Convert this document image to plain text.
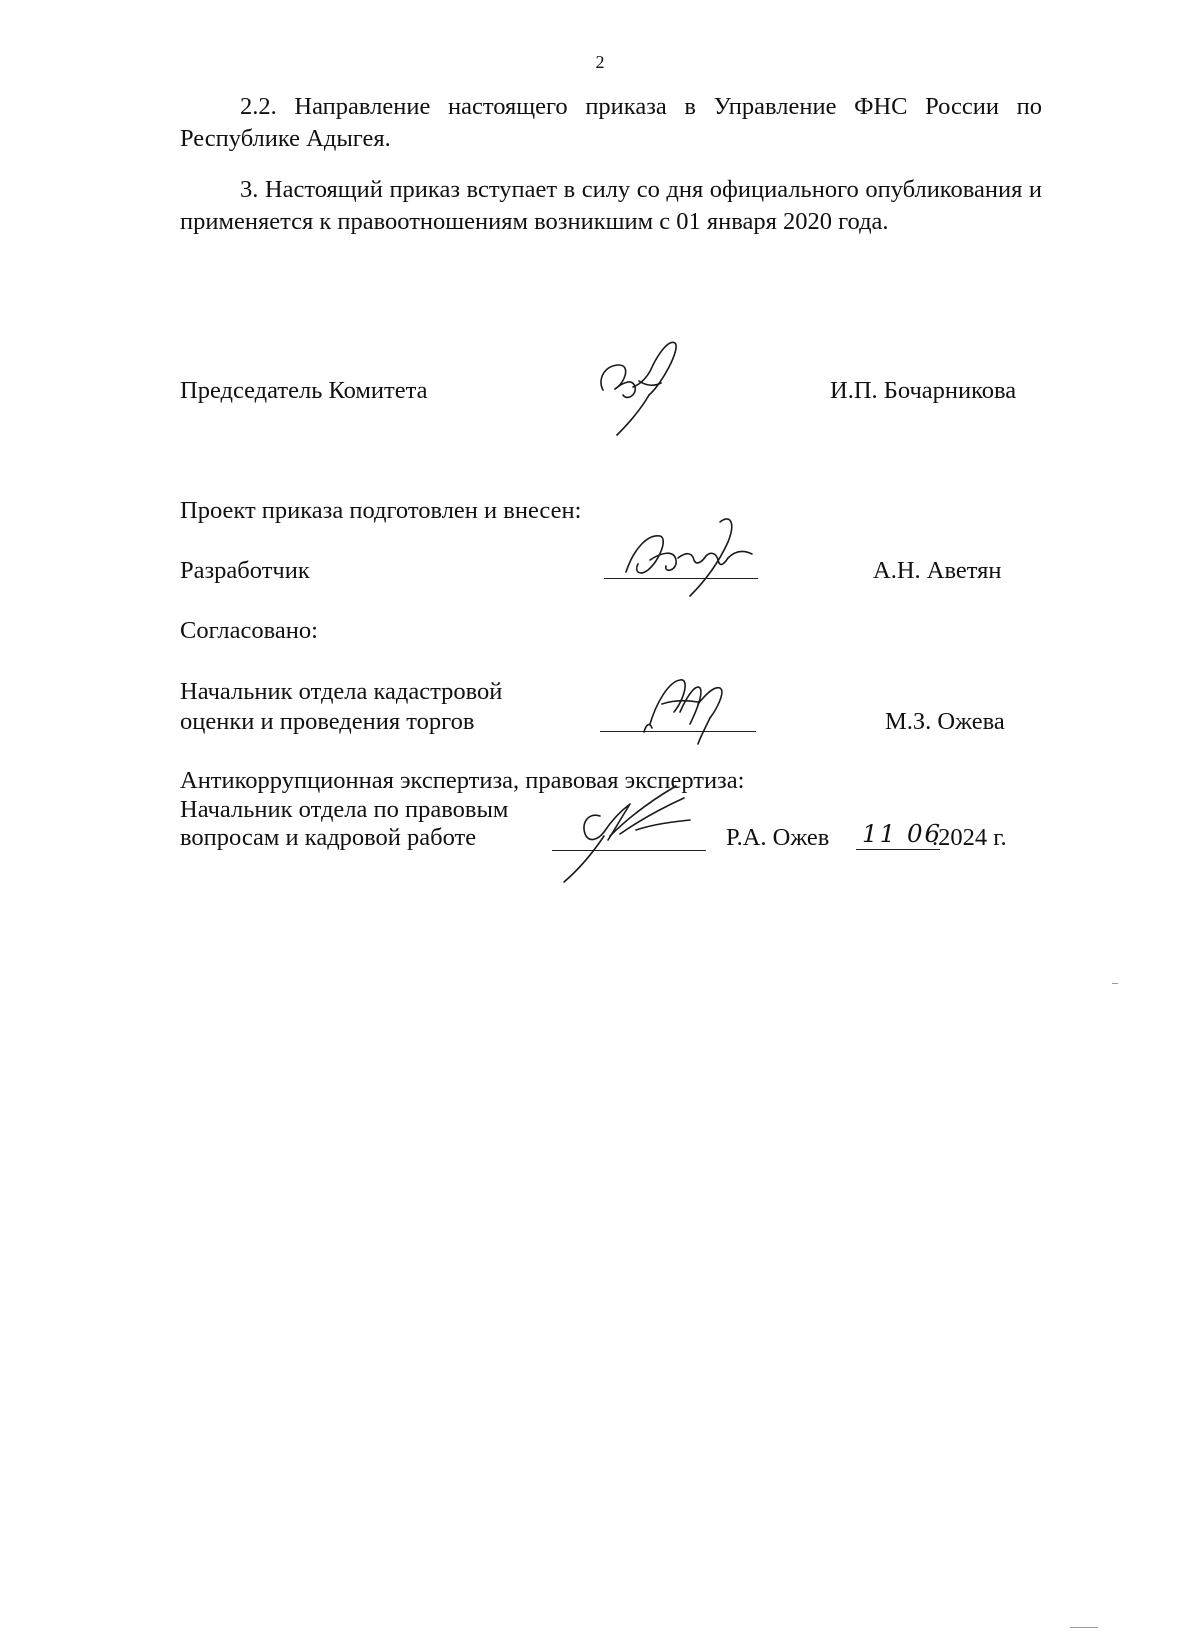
2
2.2. Направление настоящего приказа в Управление ФНС России по Республике Адыгея.
3. Настоящий приказ вступает в силу со дня официального опубликования и применяется к правоотношениям возникшим с 01 января 2020 года.
Председатель Комитета	И.П. Бочарникова
Проект приказа подготовлен и внесен:
Разработчик	А.Н. Аветян
Согласовано:
Начальник отдела кадастровой
оценки и проведения торгов	М.З. Ожева
Антикоррупционная экспертиза, правовая экспертиза:
Начальник отдела по правовым
вопросам и кадровой работе	Р.А. Ожев 11 06
.2024 г.
